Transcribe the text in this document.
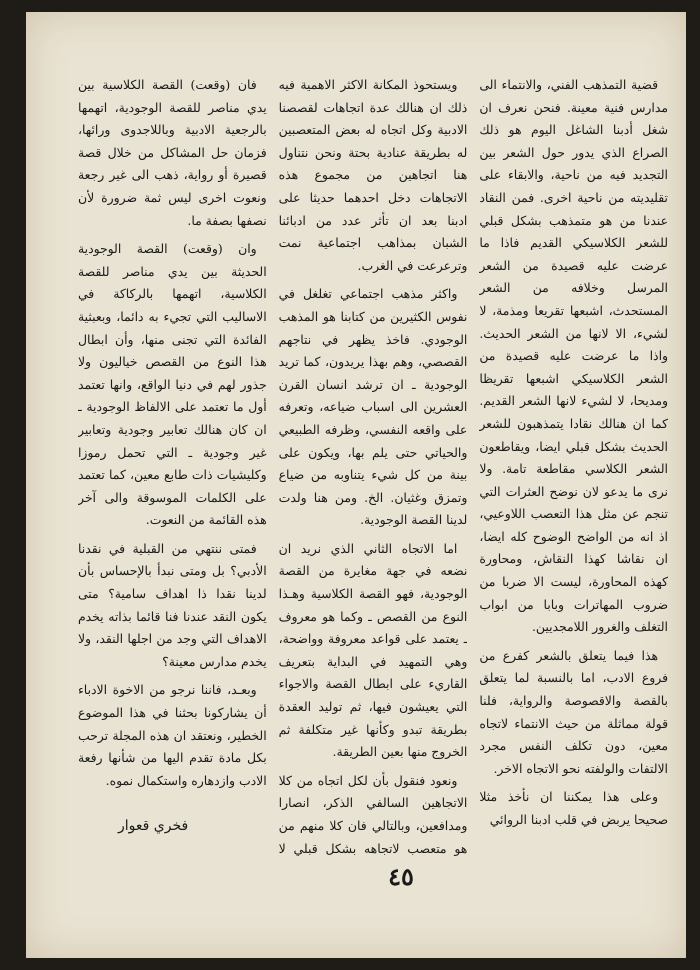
قضية التمذهب الفني، والانتماء الى مدارس فنية معينة. فنحن نعرف ان شغل أدبنا الشاغل اليوم هو ذلك الصراع الذي يدور حول الشعر بين التجديد فيه من ناحية، والابقاء على تقليديته من ناحية اخرى. فمن النقاد عندنا من هو متمذهب بشكل قبلي للشعر الكلاسيكي القديم فاذا ما عرضت عليه قصيدة من الشعر المرسل وخلافه من الشعر المستحدث، اشبعها تقريعا ومذمة، لا لشيء، الا لانها من الشعر الحديث. واذا ما عرضت عليه قصيدة من الشعر الكلاسيكي اشبعها تقريظا ومديحا، لا لشيء لانها الشعر القديم. كما ان هنالك نقادا يتمذهبون للشعر الحديث بشكل قبلي ايضا، ويقاطعون الشعر الكلاسي مقاطعة تامة. ولا نرى ما يدعو لان نوضح العثرات التي تنجم عن مثل هذا التعصب اللاوعيي، اذ انه من الواضح الوضوح كله ايضا، ان نقاشا كهذا النقاش، ومحاورة كهذه المحاورة، ليست الا ضربا من ضروب المهاترات وبابا من ابواب التغلف والغرور اللامجديين.

هذا فيما يتعلق بالشعر كفرع من فروع الادب، اما بالنسبة لما يتعلق بالقصة والاقصوصة والرواية، فلنا قولة مماثلة من حيث الانتماء لاتجاه معين، دون تكلف النفس مجرد الالتفات والولفته نحو الاتجاه الاخر.

وعلى هذا يمكننا ان نأخذ مثلا صحيحا يربض في قلب ادبنا الروائي

ويستحوذ المكانة الاكثر الاهمية فيه ذلك ان هنالك عدة اتجاهات لقصصنا الادبية وكل اتجاه له بعض المتعصبين له بطريقة عنادية بحتة ونحن نتناول هنا اتجاهين من مجموع هذه الاتجاهات دخل احدهما حديثا على ادبنا بعد ان تأثر عدد من ادبائنا الشبان بمذاهب اجتماعية نمت وترعرعت في الغرب.

واكثر مذهب اجتماعي تغلغل في نفوس الكثيرين من كتابنا هو المذهب الوجودي. فاخذ يظهر في نتاجهم القصصي، وهم بهذا يريدون، كما تريد الوجودية ـ ان ترشد انسان القرن العشرين الى اسباب ضياعه، وتعرفه على واقعه النفسي، وظرفه الطبيعي والحياتي حتى يلم بها، ويكون على بينة من كل شيء يتناوبه من ضياع وتمزق وغثيان. الخ. ومن هنا ولدت لدينا القصة الوجودية.

اما الاتجاه الثاني الذي نريد ان نضعه في جهة مغايرة من القصة الوجودية، فهو القصة الكلاسية وهـذا النوع من القصص ـ وكما هو معروف ـ يعتمد على قواعد معروفة وواضحة، وهي التمهيد في البداية بتعريف القاريء على ابطال القصة والاجواء التي يعيشون فيها، ثم توليد العقدة بطريقة تبدو وكأنها غير متكلفة ثم الخروج منها بعين الطريقة.

ونعود فنقول بأن لكل اتجاه من كلا الاتجاهين السالفي الذكر، انصارا ومدافعين، وبالتالي فان كلا منهم من هو متعصب لاتجاهه بشكل قبلي لا

فان (وقعت) القصة الكلاسية بين يدي مناصر للقصة الوجودية، اتهمها بالرجعية الادبية وباللاجدوى ورائها، فزمان حل المشاكل من خلال قصة قصيرة أو رواية، ذهب الى غير رجعة ونعوت اخرى ليس ثمة ضرورة لأن نصفها بصفة ما.

وان (وقعت) القصة الوجودية الحديثة بين يدي مناصر للقصة الكلاسية، اتهمها بالركاكة في الاساليب التي تجيء به دائما، وبعبثية الفائدة التي تجنى منها، وأن ابطال هذا النوع من القصص خياليون ولا جذور لهم في دنيا الواقع، وانها تعتمد أول ما تعتمد على الالفاظ الوجودية ـ ان كان هنالك تعابير وجودية وتعابير غير وجودية ـ التي تحمل رموزا وكليشيات ذات طابع معين، كما تعتمد على الكلمات الموسوقة والى آخر هذه القائمة من النعوت.

فمتى ننتهي من القبلية في نقدنا الأدبي؟ بل ومتى نبدأ بالإحساس بأن لدينا نقدا ذا اهداف سامية؟ متى يكون النقد عندنا فنا قائما بذاته يخدم الاهداف التي وجد من اجلها النقد، ولا يخدم مدارس معينة؟

وبعـد، فاننا نرجو من الاخوة الادباء أن يشاركونا بحثنا في هذا الموضوع الخطير، ونعتقد ان هذه المجلة ترحب بكل مادة تقدم اليها من شأنها رفعة الادب وازدهاره واستكمال نموه.

فخري قعوار
٤٥
